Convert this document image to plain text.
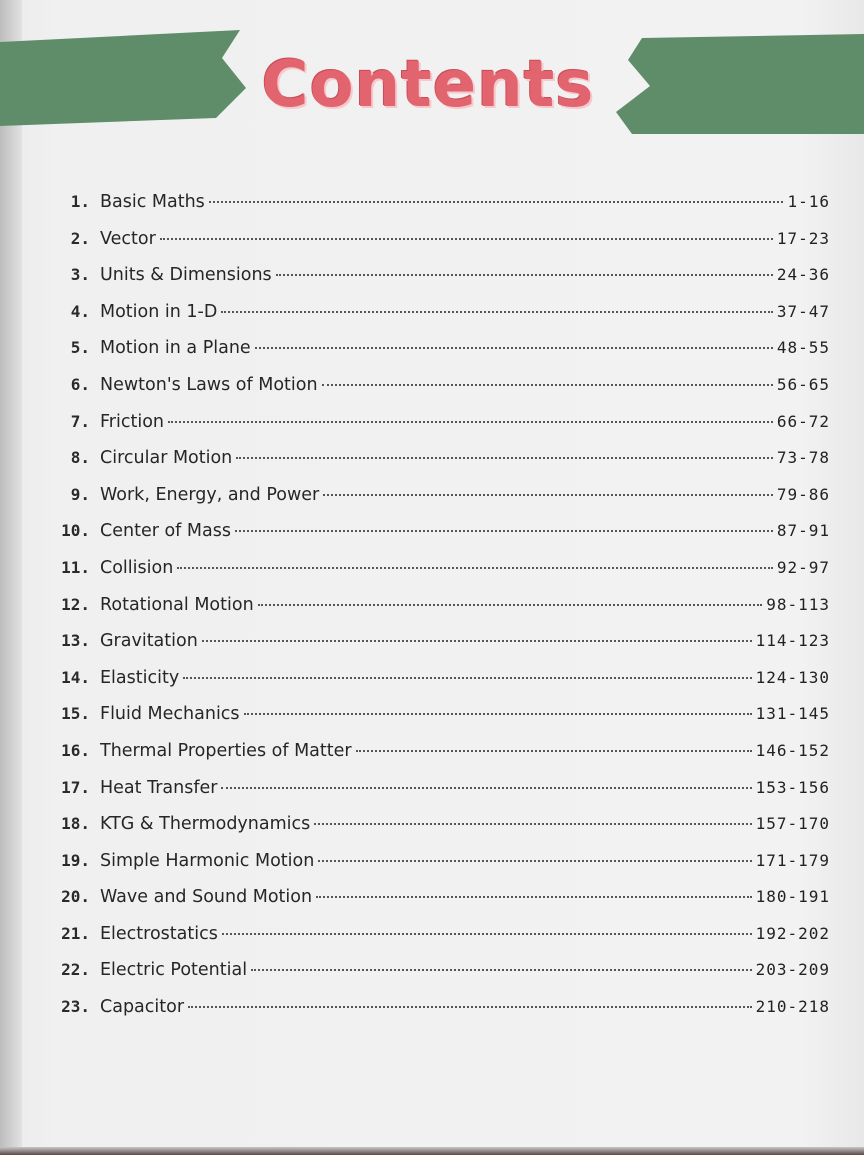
Contents
1. Basic Maths	1-16
2. Vector	17-23
3. Units & Dimensions	24-36
4. Motion in 1-D	37-47
5. Motion in a Plane	48-55
6. Newton's Laws of Motion	56-65
7. Friction	66-72
8. Circular Motion	73-78
9. Work, Energy, and Power	79-86
10. Center of Mass	87-91
11. Collision	92-97
12. Rotational Motion	98-113
13. Gravitation	114-123
14. Elasticity	124-130
15. Fluid Mechanics	131-145
16. Thermal Properties of Matter	146-152
17. Heat Transfer	153-156
18. KTG & Thermodynamics	157-170
19. Simple Harmonic Motion	171-179
20. Wave and Sound Motion	180-191
21. Electrostatics	192-202
22. Electric Potential	203-209
23. Capacitor	210-218
